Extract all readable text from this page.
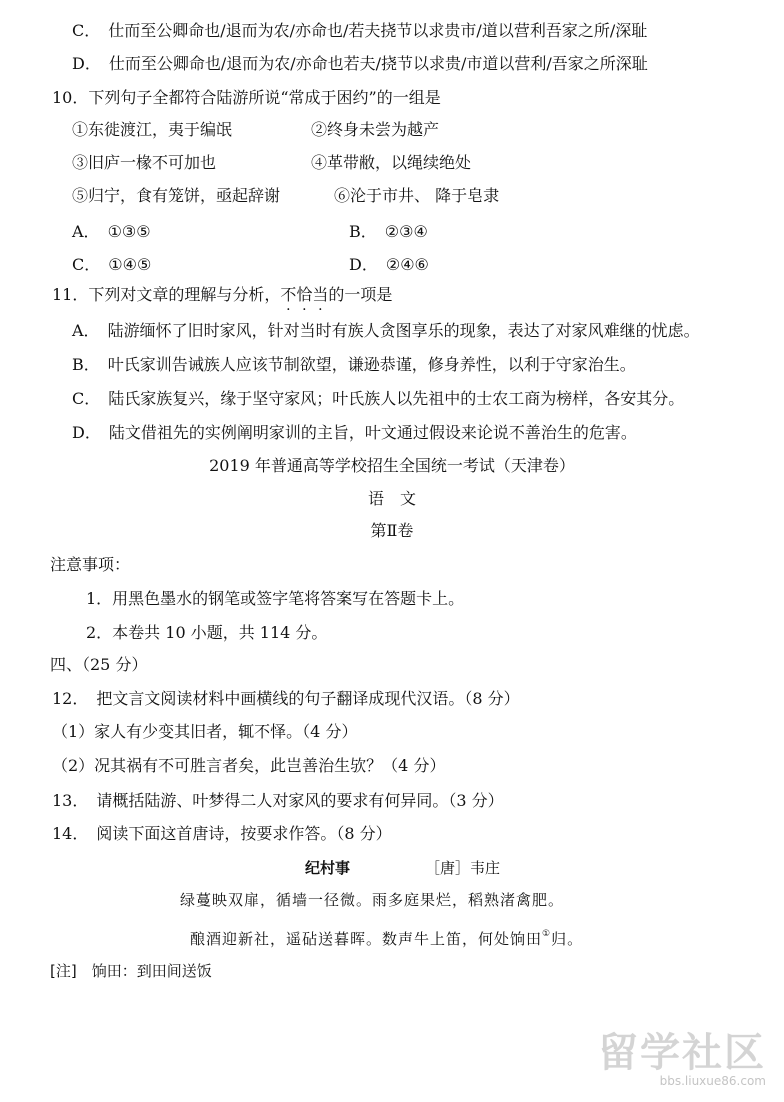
C． 仕而至公卿命也/退而为农/亦命也/若夫挠节以求贵市/道以营利吾家之所/深耻
D． 仕而至公卿命也/退而为农/亦命也若夫/挠节以求贵/市道以营利/吾家之所深耻
10．下列句子全都符合陆游所说“常成于困约”的一组是
①东徙渡江，夷于编氓	②终身未尝为越产
③旧庐一椽不可加也	④革带敝，以绳续绝处
⑤归宁，食有笼饼，亟起辞谢	⑥沦于市井、 降于皂隶
A． ①③⑤	B． ②③④
C． ①④⑤	D． ②④⑥
11．下列对文章的理解与分析，不恰当的一项是
A． 陆游缅怀了旧时家风，针对当时有族人贪图享乐的现象，表达了对家风难继的忧虑。
B． 叶氏家训告诫族人应该节制欲望，谦逊恭谨，修身养性，以利于守家治生。
C． 陆氏家族复兴，缘于坚守家风；叶氏族人以先祖中的士农工商为榜样，各安其分。
D． 陆文借祖先的实例阐明家训的主旨，叶文通过假设来论说不善治生的危害。
2019 年普通高等学校招生全国统一考试（天津卷）
语　文
第Ⅱ卷
注意事项：
1．用黑色墨水的钢笔或签字笔将答案写在答题卡上。
2．本卷共 10 小题，共 114 分。
四、（25 分）
12．　把文言文阅读材料中画横线的句子翻译成现代汉语。（8 分）
（1）家人有少变其旧者，辄不怿。（4 分）
（2）况其祸有不可胜言者矣，此岂善治生欤？（4 分）
13．　请概括陆游、叶梦得二人对家风的要求有何异同。（3 分）
14．　阅读下面这首唐诗，按要求作答。（8 分）
纪村事	［唐］韦庄
绿蔓映双扉，循墙一径微。雨多庭果烂，稻熟渚禽肥。
酿酒迎新社，遥砧送暮晖。数声牛上笛，何处饷田①归。
[注]　饷田：到田间送饭
留学社区
bbs.liuxue86.com
